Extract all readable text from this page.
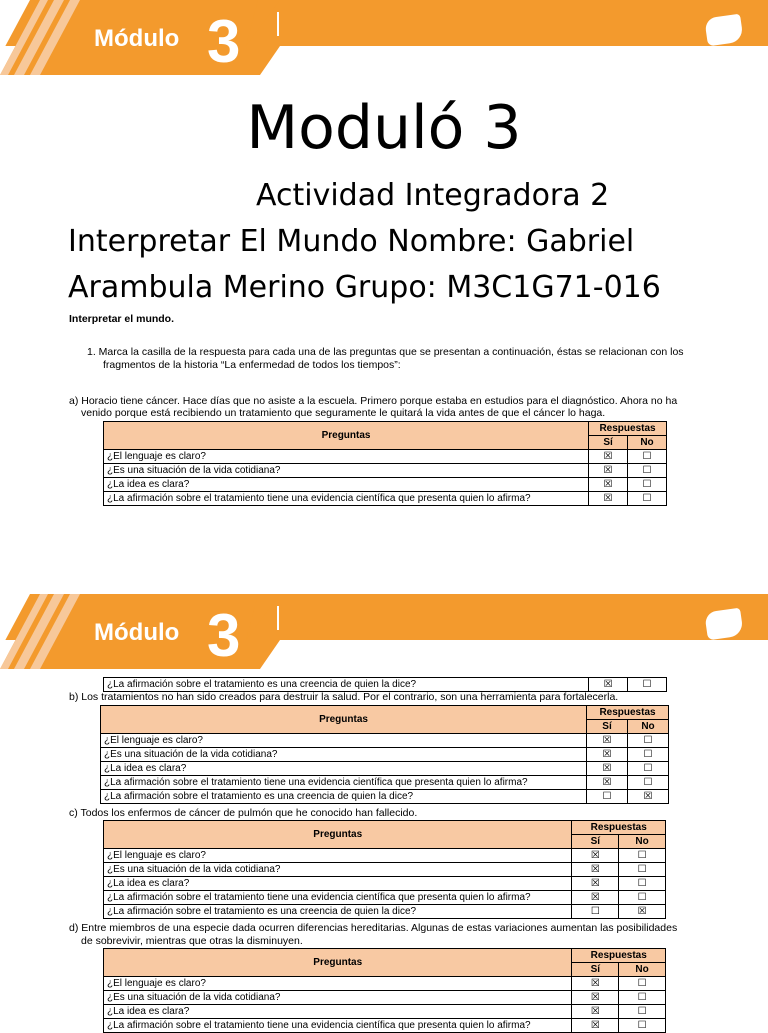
Módulo 3
Moduló 3
Actividad Integradora 2
Interpretar El Mundo Nombre: Gabriel
Arambula Merino Grupo: M3C1G71-016
Interpretar el mundo.
1. Marca la casilla de la respuesta para cada una de las preguntas que se presentan a continuación, éstas se relacionan con los
fragmentos de la historia “La enfermedad de todos los tiempos”:
a) Horacio tiene cáncer. Hace días que no asiste a la escuela. Primero porque estaba en estudios para el diagnóstico. Ahora no ha
venido porque está recibiendo un tratamiento que seguramente le quitará la vida antes de que el cáncer lo haga.
Preguntas	Respuestas	
	Sí	No
¿El lenguaje es claro?	☒	☐
¿Es una situación de la vida cotidiana?	☒	☐
¿La idea es clara?	☒	☐
¿La afirmación sobre el tratamiento tiene una evidencia científica que presenta quien lo afirma?	☒	☐
Módulo 3
¿La afirmación sobre el tratamiento es una creencia de quien la dice?	☒	☐
b) Los tratamientos no han sido creados para destruir la salud. Por el contrario, son una herramienta para fortalecerla.
Preguntas	Respuestas	
	Sí	No
¿El lenguaje es claro?	☒	☐
¿Es una situación de la vida cotidiana?	☒	☐
¿La idea es clara?	☒	☐
¿La afirmación sobre el tratamiento tiene una evidencia científica que presenta quien lo afirma?	☒	☐
¿La afirmación sobre el tratamiento es una creencia de quien la dice?	☐	☒
c) Todos los enfermos de cáncer de pulmón que he conocido han fallecido.
Preguntas	Respuestas	
	Sí	No
¿El lenguaje es claro?	☒	☐
¿Es una situación de la vida cotidiana?	☒	☐
¿La idea es clara?	☒	☐
¿La afirmación sobre el tratamiento tiene una evidencia científica que presenta quien lo afirma?	☒	☐
¿La afirmación sobre el tratamiento es una creencia de quien la dice?	☐	☒
d) Entre miembros de una especie dada ocurren diferencias hereditarias. Algunas de estas variaciones aumentan las posibilidades
de sobrevivir, mientras que otras la disminuyen.
Preguntas	Respuestas	
	Sí	No
¿El lenguaje es claro?	☒	☐
¿Es una situación de la vida cotidiana?	☒	☐
¿La idea es clara?	☒	☐
¿La afirmación sobre el tratamiento tiene una evidencia científica que presenta quien lo afirma?	☒	☐
